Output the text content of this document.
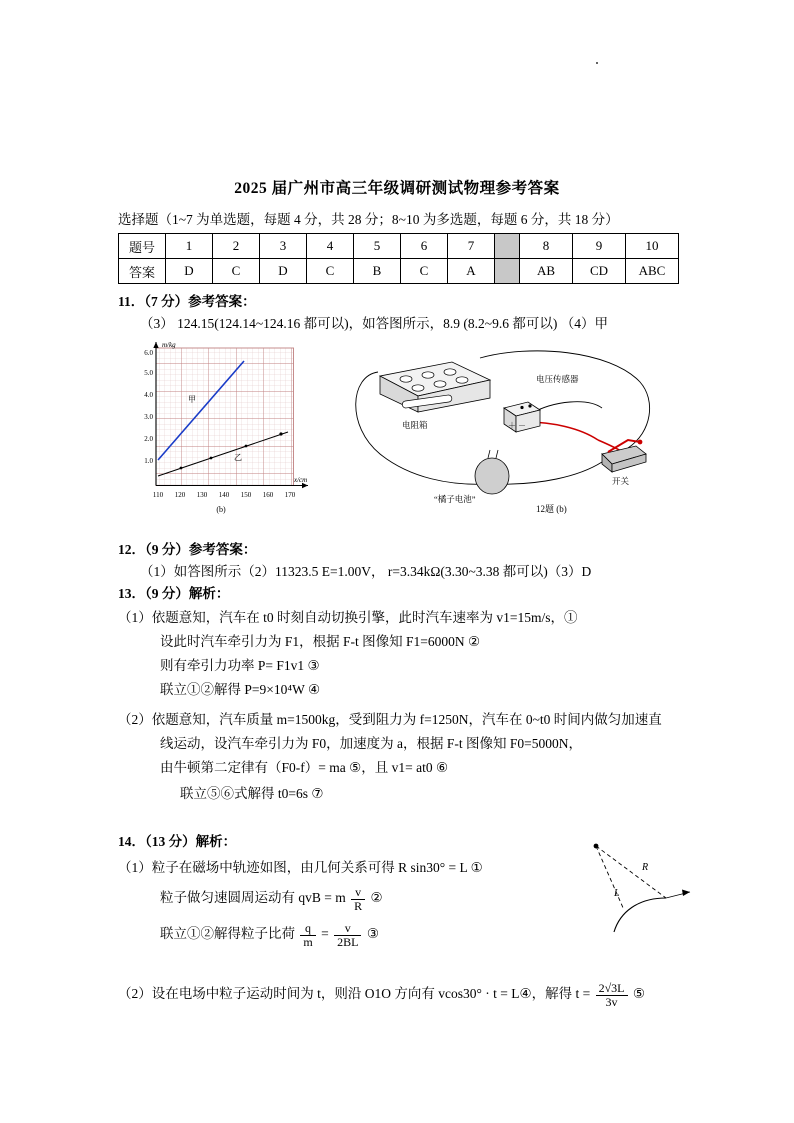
2025 届广州市高三年级调研测试物理参考答案
选择题（1~7 为单选题，每题 4 分，共 28 分；8~10 为多选题，每题 6 分，共 18 分）
题号	1	2	3	4	5	6	7		8	9	10
答案	D	C	D	C	B	C	A		AB	CD	ABC
11．（7 分）参考答案：
（3） 124.15(124.14~124.16 都可以)，如答图所示，8.9 (8.2~9.6 都可以) （4）甲
1.0
2.0
3.0
4.0
5.0
6.0
110 120 130 140 150 160 170
m/kg
x/cm
甲
乙
(b)
电压传感器
电阻箱
“橘子电池”
开关
＋ －
12题 (b)
12．（9 分）参考答案：
（1）如答图所示（2）11323.5 E=1.00V， r=3.34kΩ(3.30~3.38 都可以)（3）D
13．（9 分）解析：
（1）依题意知，汽车在 t0 时刻自动切换引擎，此时汽车速率为 v1=15m/s，①
设此时汽车牵引力为 F1，根据 F-t 图像知 F1=6000N ②
则有牵引力功率 P= F1v1 ③
联立①②解得 P=9×10⁴W ④
（2）依题意知，汽车质量 m=1500kg，受到阻力为 f=1250N，汽车在 0~t0 时间内做匀加速直
线运动，设汽车牵引力为 F0，加速度为 a，根据 F-t 图像知 F0=5000N，
由牛顿第二定律有（F0-f）= ma ⑤，且 v1= at0 ⑥
联立⑤⑥式解得 t0=6s ⑦
14．（13 分）解析：
（1）粒子在磁场中轨迹如图，由几何关系可得 R sin30° = L ①
粒子做匀速圆周运动有 qvB = m $\frac{v}{R}$ ②
联立①②解得粒子比荷 $\frac{q}{m} = \frac{v}{2BL}$ ③
（2）设在电场中粒子运动时间为 t，则沿 O1O 方向有 vcos30° · t = L④，解得 $t = \frac{2√3L}{3v}$ ⑤
R
L
